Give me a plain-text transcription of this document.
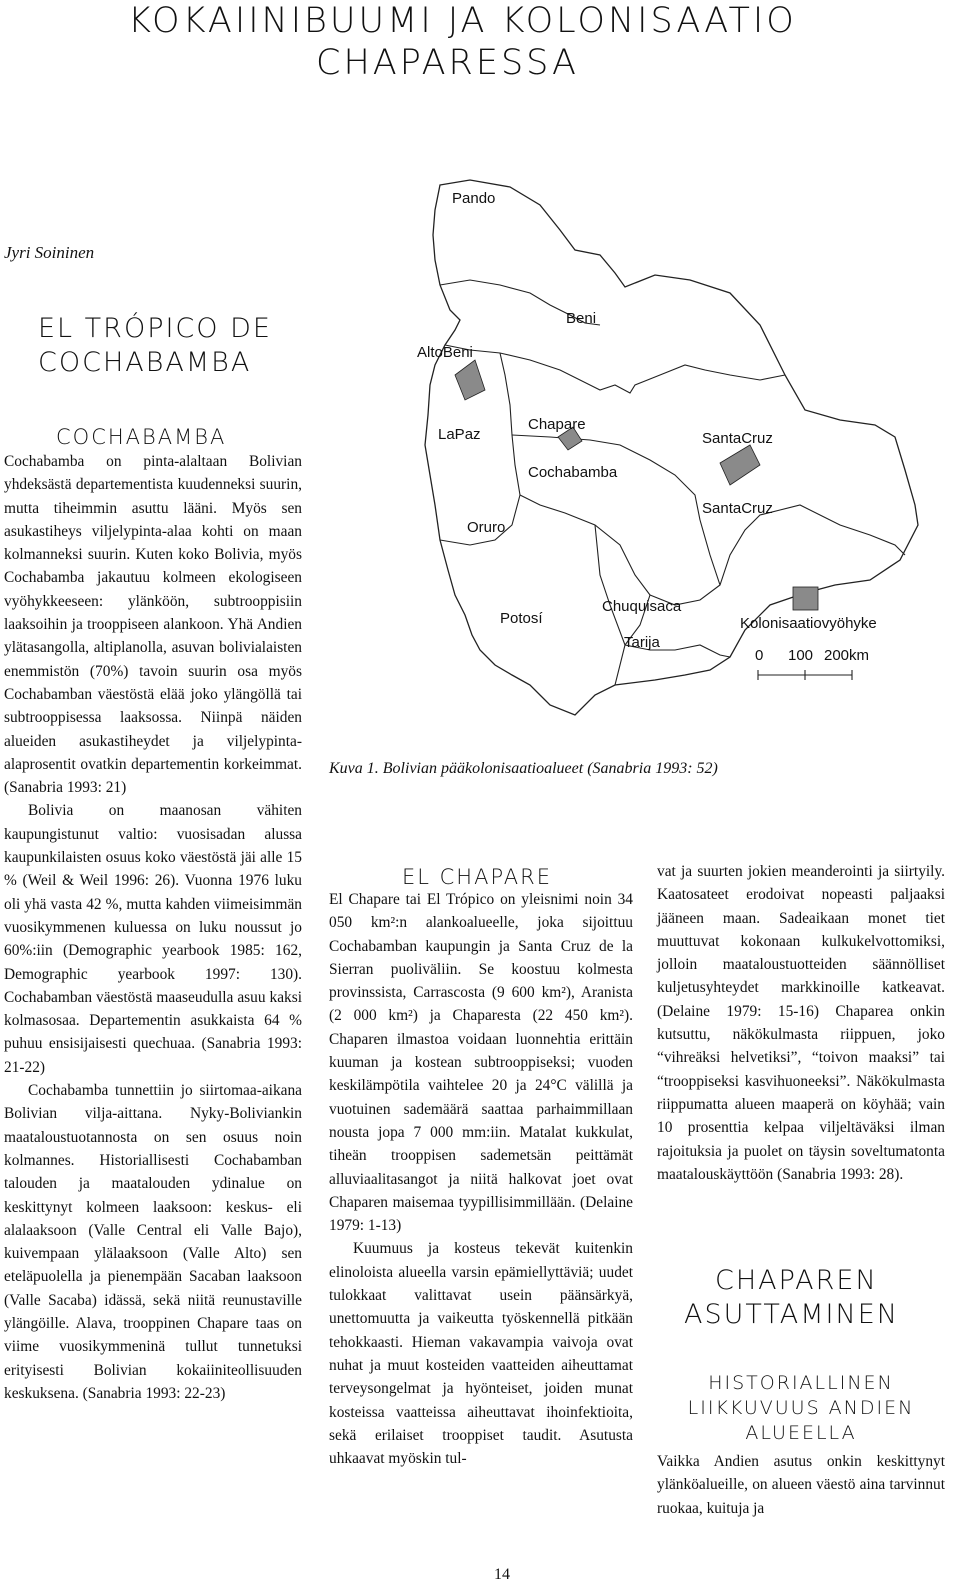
KOKAIINIBUUMI JA KOLONISAATIO
CHAPARESSA
Jyri Soininen
EL TRÓPICO DE
COCHABAMBA
COCHABAMBA

Cochabamba on pinta-alaltaan Bolivian yhdeksästä departementista kuudenneksi suurin, mutta tiheimmin asuttu lääni. Myös sen asukastiheys viljelypinta-alaa kohti on maan kolmanneksi suurin. Kuten koko Bolivia, myös Cochabamba jakautuu kolmeen ekologiseen vyöhykkeeseen: ylänköön, subtrooppisiin laaksoihin ja trooppiseen alankoon. Yhä Andien ylätasangolla, altiplanolla, asuvan bolivialaisten enemmistön (70%) tavoin suurin osa myös Cochabamban väestöstä elää joko ylängöllä tai subtrooppisessa laaksossa. Niinpä näiden alueiden asukastiheydet ja viljelypinta-alaprosentit ovatkin departementin korkeimmat. (Sanabria 1993: 21)

Bolivia on maanosan vähiten kaupungistunut valtio: vuosisadan alussa kaupunkilaisten osuus koko väestöstä jäi alle 15 % (Weil & Weil 1996: 26). Vuonna 1976 luku oli yhä vasta 42 %, mutta kahden viimeisimmän vuosikymmenen kuluessa on luku noussut jo 60%:iin (Demographic yearbook 1985: 162, Demographic yearbook 1997: 130). Cochabamban väestöstä maaseudulla asuu kaksi kolmasosaa. Departementin asukkaista 64 % puhuu ensisijaisesti quechuaa. (Sanabria 1993: 21-22)

Cochabamba tunnettiin jo siirtomaa-aikana Bolivian vilja-aittana. Nyky-Boliviankin maataloustuotannosta on sen osuus noin kolmannes. Historiallisesti Cochabamban talouden ja maatalouden ydinalue on keskittynyt kolmeen laaksoon: keskus- eli alalaaksoon (Valle Central eli Valle Bajo), kuivempaan ylälaaksoon (Valle Alto) sen eteläpuolella ja pienempään Sacaban laaksoon (Valle Sacaba) idässä, sekä niitä reunustaville ylängöille. Alava, trooppinen Chapare taas on viime vuosikymmeninä tullut tunnetuksi erityisesti Bolivian kokaiiniteollisuuden keskuksena. (Sanabria 1993: 22-23)

Pando
Beni
AltoBeni
LaPaz
Chapare
Cochabamba
SantaCruz
SantaCruz
Oruro
Potosí
Chuquisaca
Tarija
Kolonisaatiovyöhyke
0 100 200km
Kuva 1. Bolivian pääkolonisaatioalueet (Sanabria 1993: 52)
EL CHAPARE

El Chapare tai El Trópico on yleisnimi noin 34 050 km²:n alankoalueelle, joka sijoittuu Cochabamban kaupungin ja Santa Cruz de la Sierran puoliväliin. Se koostuu kolmesta provinssista, Carrascosta (9 600 km²), Aranista (2 000 km²) ja Chaparesta (22 450 km²). Chaparen ilmastoa voidaan luonnehtia erittäin kuuman ja kostean subtrooppiseksi; vuoden keskilämpötila vaihtelee 20 ja 24°C välillä ja vuotuinen sademäärä saattaa parhaimmillaan nousta jopa 7 000 mm:iin. Matalat kukkulat, tiheän trooppisen sademetsän peittämät alluviaalitasangot ja niitä halkovat joet ovat Chaparen maisemaa tyypillisimmillään. (Delaine 1979: 1-13)

Kuumuus ja kosteus tekevät kuitenkin elinoloista alueella varsin epämiellyttäviä; uudet tulokkaat valittavat usein päänsärkyä, unettomuutta ja vaikeutta työskennellä pitkään tehokkaasti. Hieman vakavampia vaivoja ovat nuhat ja muut kosteiden vaatteiden aiheuttamat terveysongelmat ja hyönteiset, joiden munat kosteissa vaatteissa aiheuttavat ihoinfektioita, sekä erilaiset trooppiset taudit. Asutusta uhkaavat myöskin tul-

vat ja suurten jokien meanderointi ja siirtyily. Kaatosateet erodoivat nopeasti paljaaksi jääneen maan. Sadeaikaan monet tiet muuttuvat kokonaan kulkukelvottomiksi, jolloin maataloustuotteiden säännölliset kuljetusyhteydet markkinoille katkeavat. (Delaine 1979: 15-16) Chaparea onkin kutsuttu, näkökulmasta riippuen, joko “vihreäksi helvetiksi”, “toivon maaksi” tai “trooppiseksi kasvihuoneeksi”. Näkökulmasta riippumatta alueen maaperä on köyhää; vain 10 prosenttia kelpaa viljeltäväksi ilman rajoituksia ja puolet on täysin soveltumatonta maatalouskäyttöön (Sanabria 1993: 28).

CHAPAREN
ASUTTAMINEN
HISTORIALLINEN
LIIKKUVUUS ANDIEN
ALUEELLA

Vaikka Andien asutus onkin keskittynyt ylänköalueille, on alueen väestö aina tarvinnut ruokaa, kuituja ja

14
